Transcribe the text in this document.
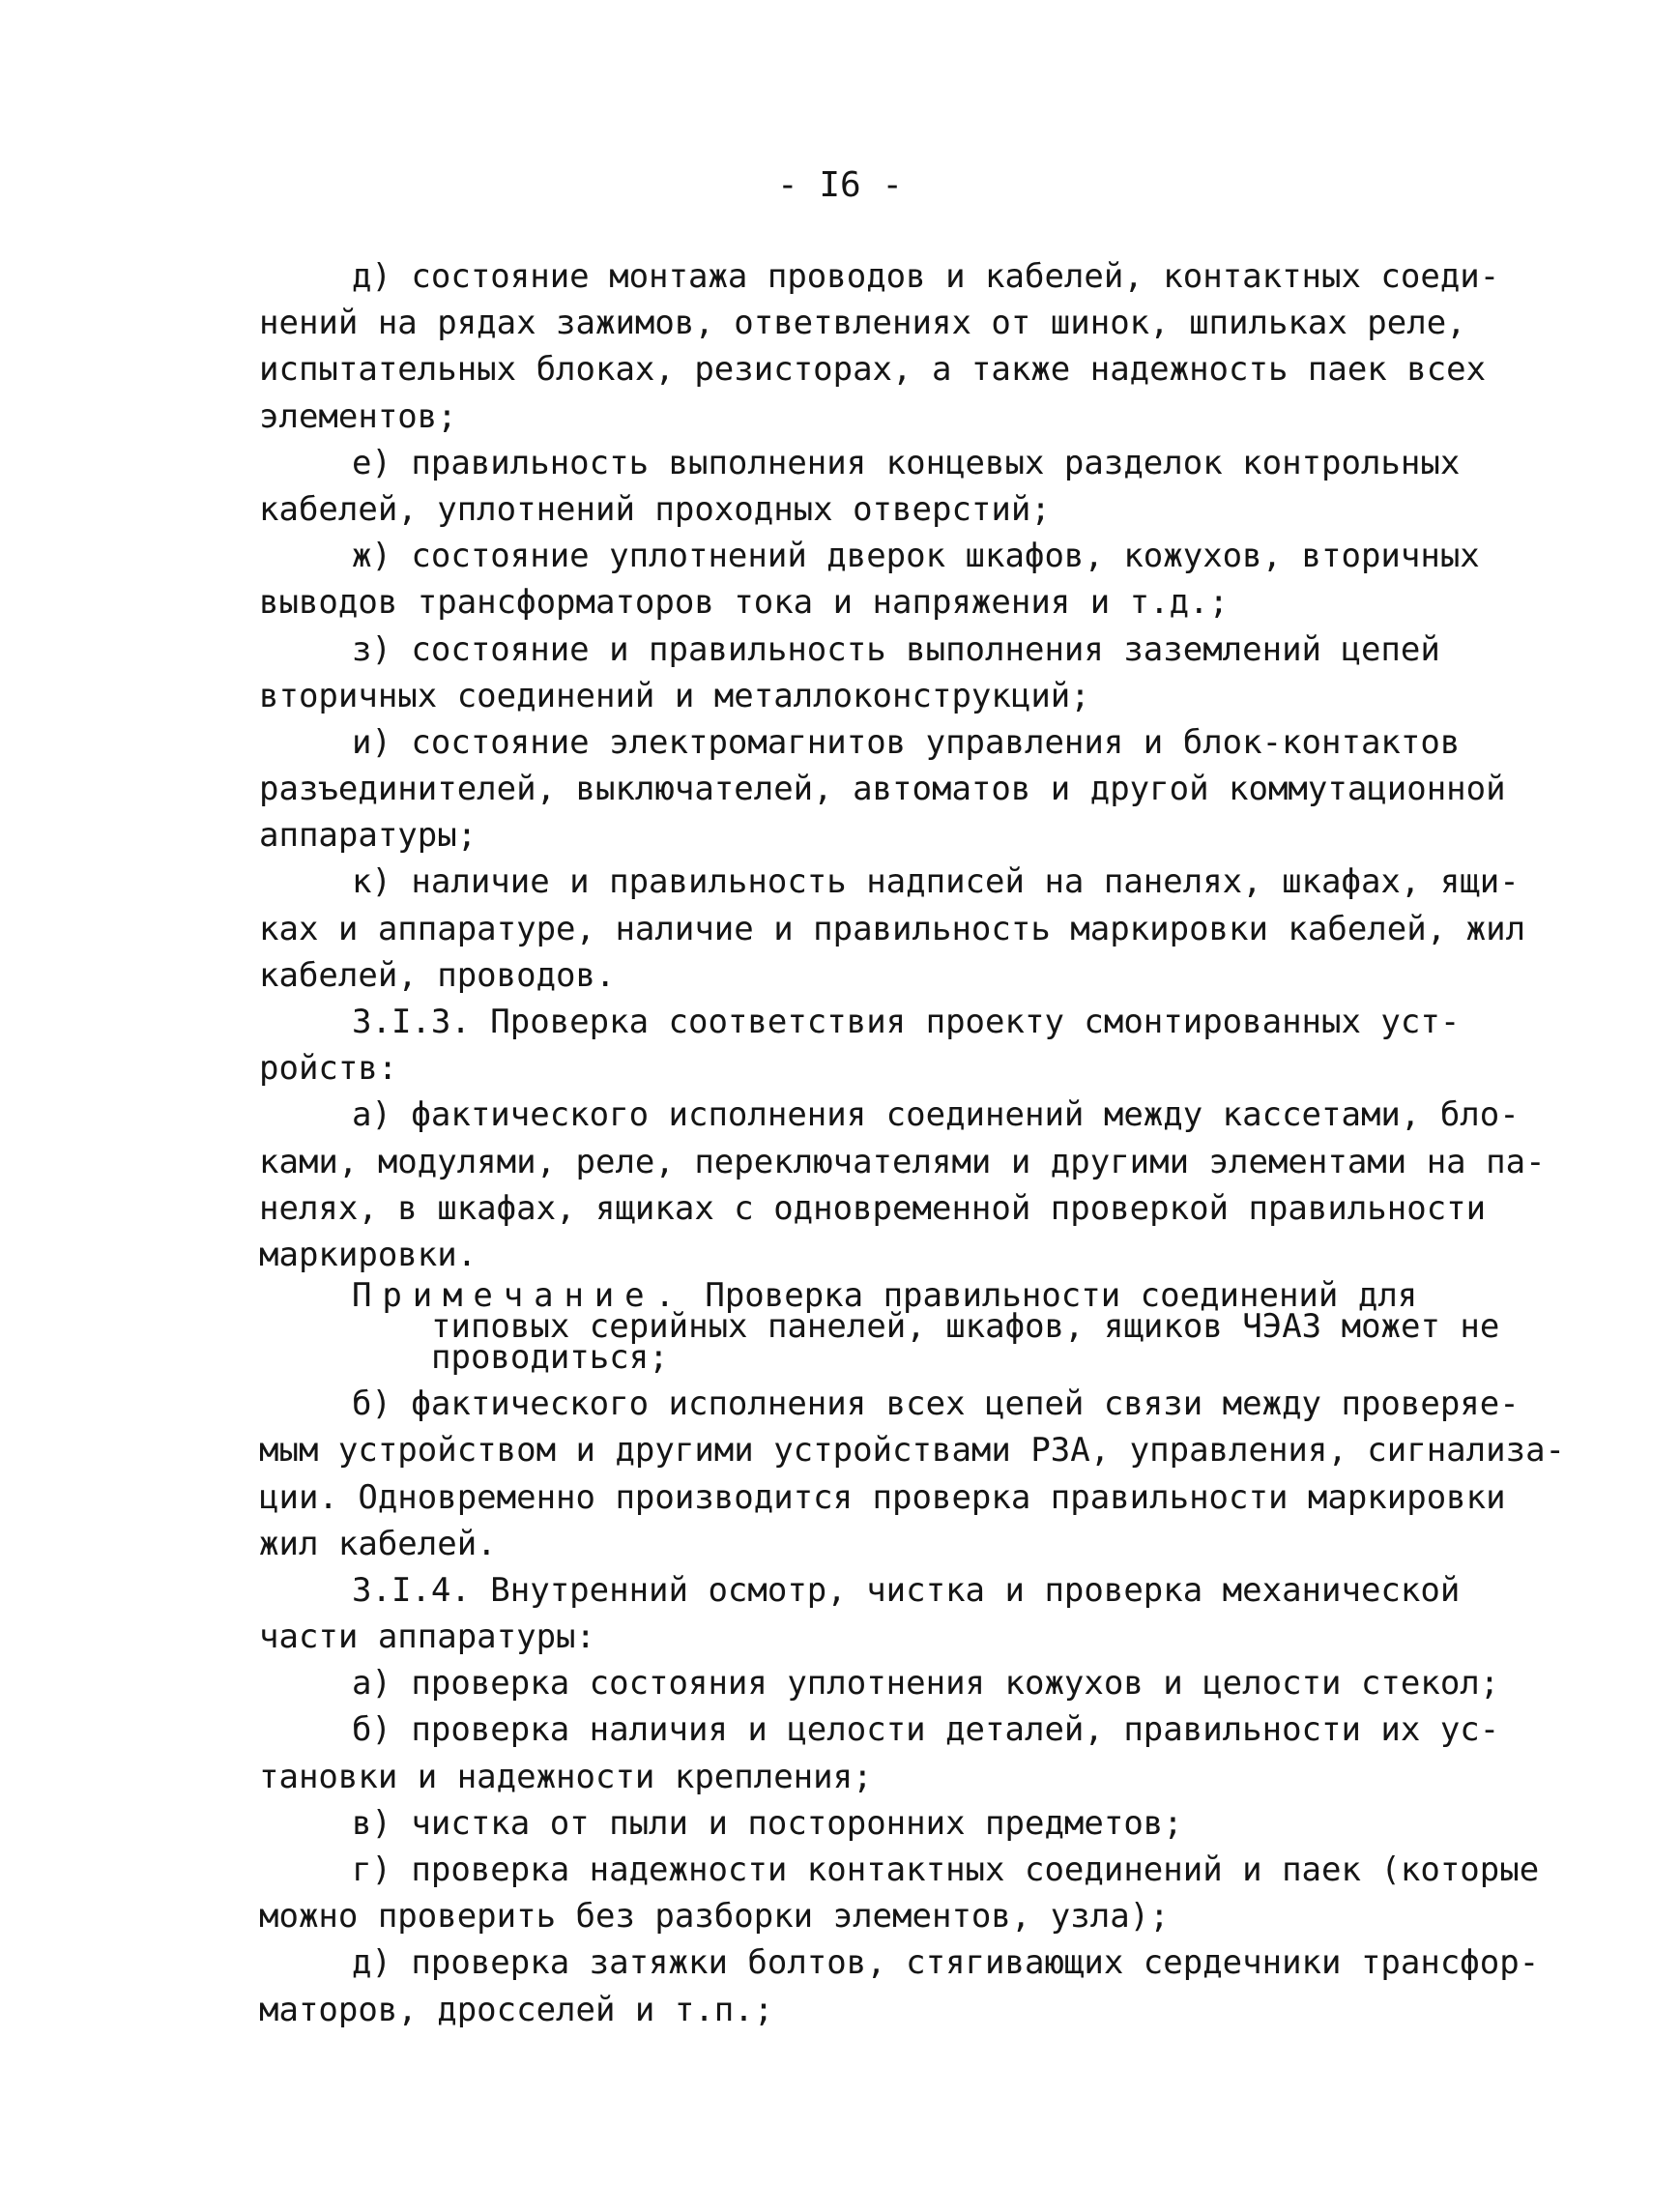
- I6 -
д) состояние монтажа проводов и кабелей, контактных соеди-
нений на рядах зажимов, ответвлениях от шинок, шпильках реле,
испытательных блоках, резисторах, а также надежность паек всех
элементов;
е) правильность выполнения концевых разделок контрольных
кабелей, уплотнений проходных отверстий;
ж) состояние уплотнений дверок шкафов, кожухов, вторичных
выводов трансформаторов тока и напряжения и т.д.;
з) состояние и правильность выполнения заземлений цепей
вторичных соединений и металлоконструкций;
и) состояние электромагнитов управления и блок-контактов
разъединителей, выключателей, автоматов и другой коммутационной
аппаратуры;
к) наличие и правильность надписей на панелях, шкафах, ящи-
ках и аппаратуре, наличие и правильность маркировки кабелей, жил
кабелей, проводов.
3.I.3. Проверка соответствия проекту смонтированных уст-
ройств:
а) фактического исполнения соединений между кассетами, бло-
ками, модулями, реле, переключателями и другими элементами на па-
нелях, в шкафах, ящиках с одновременной проверкой правильности
маркировки.
Примечание. Проверка правильности соединений для
типовых серийных панелей, шкафов, ящиков ЧЭАЗ может не
проводиться;
б) фактического исполнения всех цепей связи между проверяе-
мым устройством и другими устройствами РЗА, управления, сигнализа-
ции. Одновременно производится проверка правильности маркировки
жил кабелей.
3.I.4. Внутренний осмотр, чистка и проверка механической
части аппаратуры:
а) проверка состояния уплотнения кожухов и целости стекол;
б) проверка наличия и целости деталей, правильности их ус-
тановки и надежности крепления;
в) чистка от пыли и посторонних предметов;
г) проверка надежности контактных соединений и паек (которые
можно проверить без разборки элементов, узла);
д) проверка затяжки болтов, стягивающих сердечники трансфор-
маторов, дросселей и т.п.;
